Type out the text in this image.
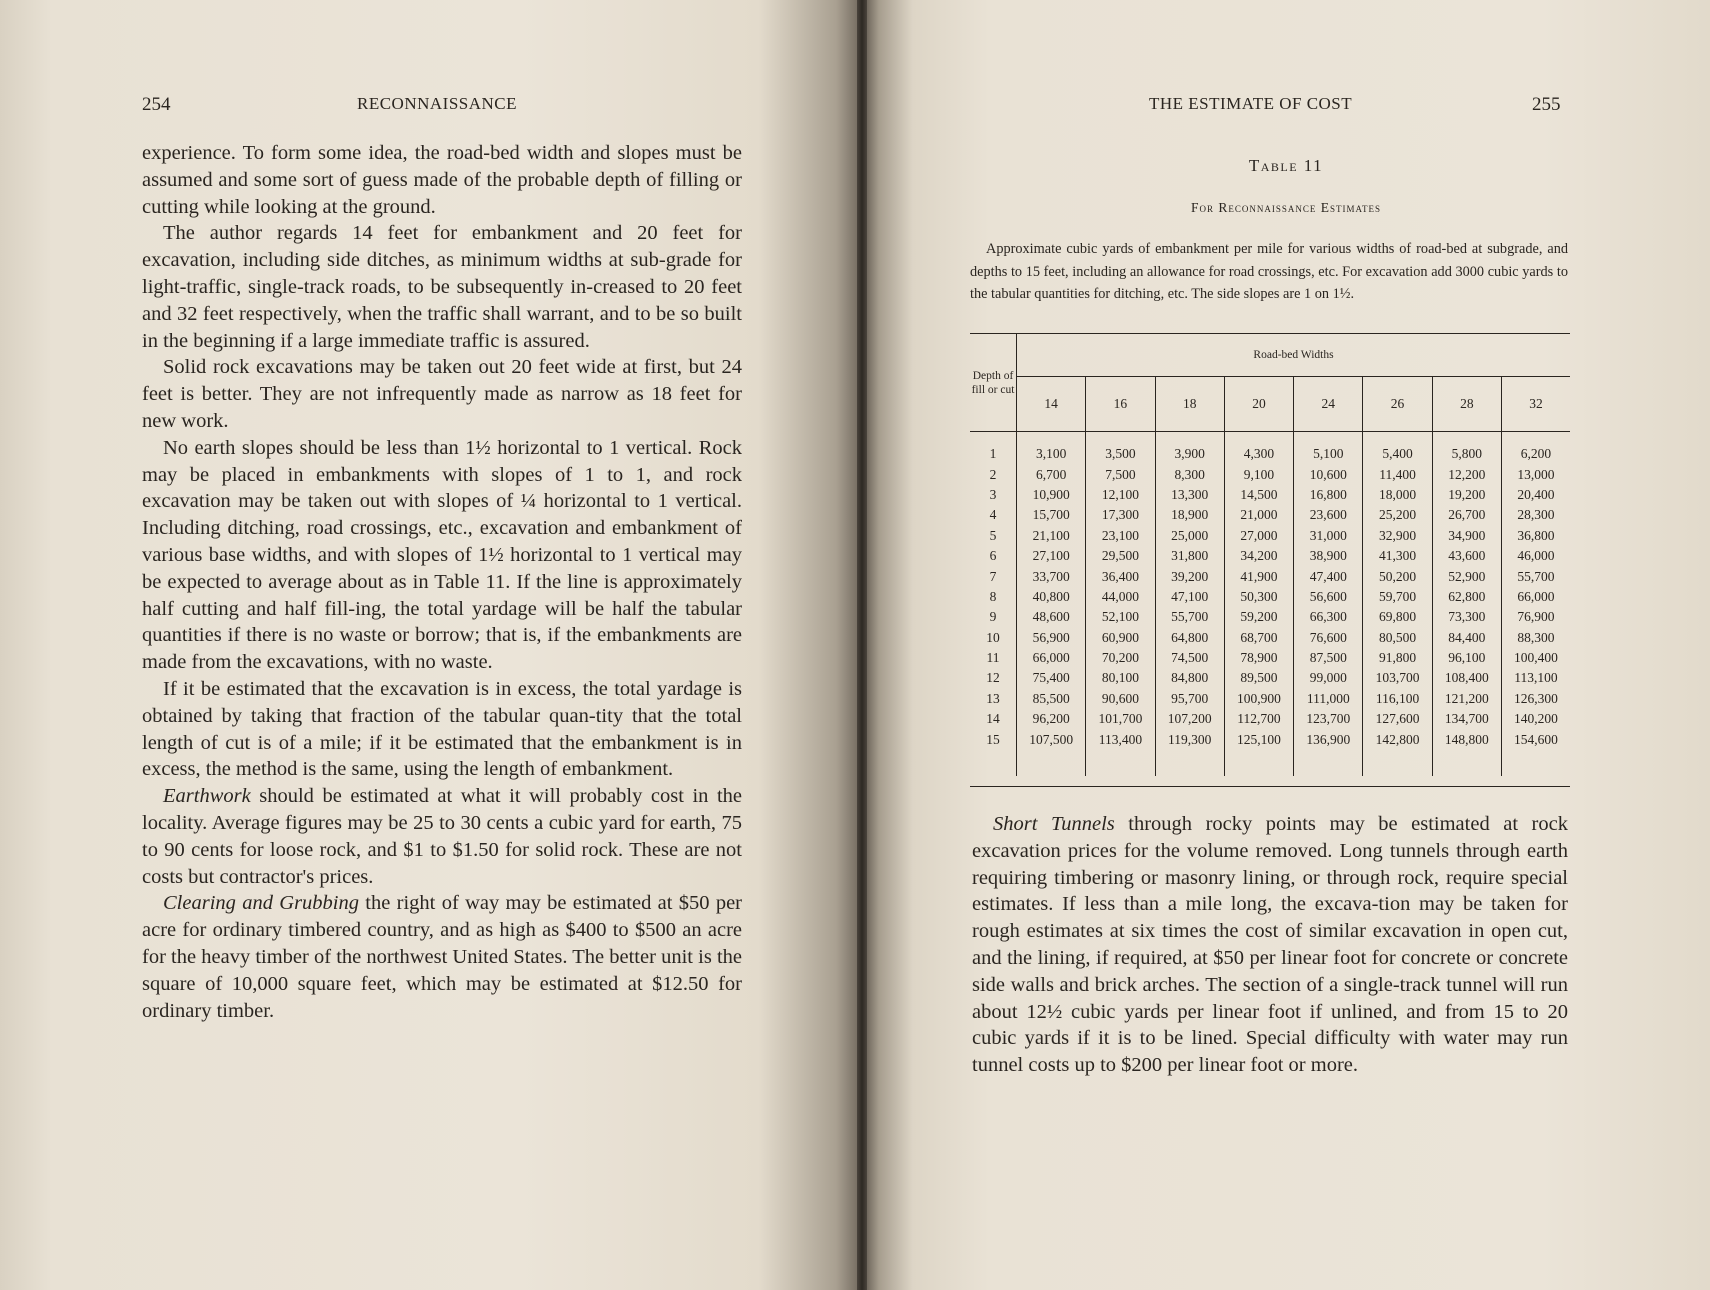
254	RECONNAISSANCE	THE ESTIMATE OF COST	255

experience. To form some idea, the road-bed width and slopes must be assumed and some sort of guess made of the probable depth of filling or cutting while looking at the ground.

The author regards 14 feet for embankment and 20 feet for excavation, including side ditches, as minimum widths at sub-grade for light-traffic, single-track roads, to be subsequently in-creased to 20 feet and 32 feet respectively, when the traffic shall warrant, and to be so built in the beginning if a large immediate traffic is assured.

Solid rock excavations may be taken out 20 feet wide at first, but 24 feet is better. They are not infrequently made as narrow as 18 feet for new work.

No earth slopes should be less than 1½ horizontal to 1 vertical. Rock may be placed in embankments with slopes of 1 to 1, and rock excavation may be taken out with slopes of ¼ horizontal to 1 vertical. Including ditching, road crossings, etc., excavation and embankment of various base widths, and with slopes of 1½ horizontal to 1 vertical may be expected to average about as in Table 11. If the line is approximately half cutting and half fill-ing, the total yardage will be half the tabular quantities if there is no waste or borrow; that is, if the embankments are made from the excavations, with no waste.

If it be estimated that the excavation is in excess, the total yardage is obtained by taking that fraction of the tabular quan-tity that the total length of cut is of a mile; if it be estimated that the embankment is in excess, the method is the same, using the length of embankment.

Earthwork should be estimated at what it will probably cost in the locality. Average figures may be 25 to 30 cents a cubic yard for earth, 75 to 90 cents for loose rock, and $1 to $1.50 for solid rock. These are not costs but contractor's prices.

Clearing and Grubbing the right of way may be estimated at $50 per acre for ordinary timbered country, and as high as $400 to $500 an acre for the heavy timber of the northwest United States. The better unit is the square of 10,000 square feet, which may be estimated at $12.50 for ordinary timber.

Table 11
For Reconnaissance Estimates

Approximate cubic yards of embankment per mile for various widths of road-bed at subgrade, and depths to 15 feet, including an allowance for road crossings, etc. For excavation add 3000 cubic yards to the tabular quantities for ditching, etc. The side slopes are 1 on 1½.

Depth of fill or cut	Road-bed Widths							
	14	16	18	20	24	26	28	32

1	3,100	3,500	3,900	4,300	5,100	5,400	5,800	6,200
2	6,700	7,500	8,300	9,100	10,600	11,400	12,200	13,000
3	10,900	12,100	13,300	14,500	16,800	18,000	19,200	20,400
4	15,700	17,300	18,900	21,000	23,600	25,200	26,700	28,300
5	21,100	23,100	25,000	27,000	31,000	32,900	34,900	36,800
6	27,100	29,500	31,800	34,200	38,900	41,300	43,600	46,000
7	33,700	36,400	39,200	41,900	47,400	50,200	52,900	55,700
8	40,800	44,000	47,100	50,300	56,600	59,700	62,800	66,000
9	48,600	52,100	55,700	59,200	66,300	69,800	73,300	76,900
10	56,900	60,900	64,800	68,700	76,600	80,500	84,400	88,300
11	66,000	70,200	74,500	78,900	87,500	91,800	96,100	100,400
12	75,400	80,100	84,800	89,500	99,000	103,700	108,400	113,100
13	85,500	90,600	95,700	100,900	111,000	116,100	121,200	126,300
14	96,200	101,700	107,200	112,700	123,700	127,600	134,700	140,200
15	107,500	113,400	119,300	125,100	136,900	142,800	148,800	154,600

Short Tunnels through rocky points may be estimated at rock excavation prices for the volume removed. Long tunnels through earth requiring timbering or masonry lining, or through rock, require special estimates. If less than a mile long, the excava-tion may be taken for rough estimates at six times the cost of similar excavation in open cut, and the lining, if required, at $50 per linear foot for concrete or concrete side walls and brick arches. The section of a single-track tunnel will run about 12½ cubic yards per linear foot if unlined, and from 15 to 20 cubic yards if it is to be lined. Special difficulty with water may run tunnel costs up to $200 per linear foot or more.
